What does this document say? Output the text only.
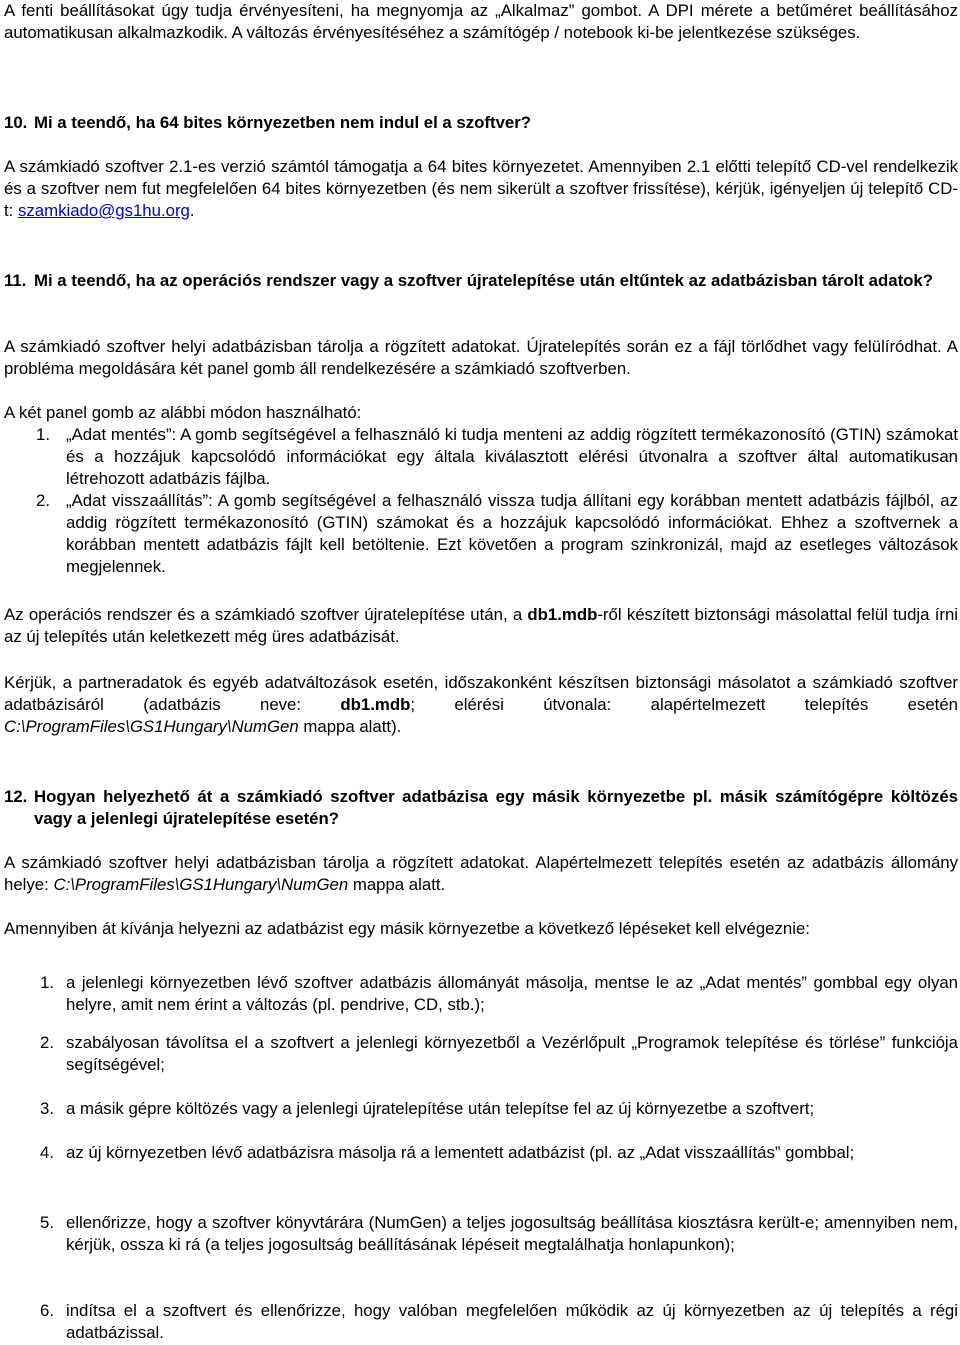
A fenti beállításokat úgy tudja érvényesíteni, ha megnyomja az „Alkalmaz” gombot. A DPI mérete a betűméret beállításához automatikusan alkalmazkodik. A változás érvényesítéséhez a számítógép / notebook ki-be jelentkezése szükséges.

10. Mi a teendő, ha 64 bites környezetben nem indul el a szoftver?

A számkiadó szoftver 2.1-es verzió számtól támogatja a 64 bites környezetet. Amennyiben 2.1 előtti telepítő CD-vel rendelkezik és a szoftver nem fut megfelelően 64 bites környezetben (és nem sikerült a szoftver frissítése), kérjük, igényeljen új telepítő CD-t: szamkiado@gs1hu.org.

11. Mi a teendő, ha az operációs rendszer vagy a szoftver újratelepítése után eltűntek az adatbázisban tárolt adatok?

A számkiadó szoftver helyi adatbázisban tárolja a rögzített adatokat. Újratelepítés során ez a fájl törlődhet vagy felülíródhat. A probléma megoldására két panel gomb áll rendelkezésére a számkiadó szoftverben.

A két panel gomb az alábbi módon használható:

1. „Adat mentés”: A gomb segítségével a felhasználó ki tudja menteni az addig rögzített termékazonosító (GTIN) számokat és a hozzájuk kapcsolódó információkat egy általa kiválasztott elérési útvonalra a szoftver által automatikusan létrehozott adatbázis fájlba.

2. „Adat visszaállítás”: A gomb segítségével a felhasználó vissza tudja állítani egy korábban mentett adatbázis fájlból, az addig rögzített termékazonosító (GTIN) számokat és a hozzájuk kapcsolódó információkat. Ehhez a szoftvernek a korábban mentett adatbázis fájlt kell betöltenie. Ezt követően a program szinkronizál, majd az esetleges változások megjelennek.

Az operációs rendszer és a számkiadó szoftver újratelepítése után, a db1.mdb-ről készített biztonsági másolattal felül tudja írni az új telepítés után keletkezett még üres adatbázisát.

Kérjük, a partneradatok és egyéb adatváltozások esetén, időszakonként készítsen biztonsági másolatot a számkiadó szoftver adatbázisáról (adatbázis neve: db1.mdb; elérési útvonala: alapértelmezett telepítés esetén C:\ProgramFiles\GS1Hungary\NumGen mappa alatt).

12. Hogyan helyezhető át a számkiadó szoftver adatbázisa egy másik környezetbe pl. másik számítógépre költözés vagy a jelenlegi újratelepítése esetén?

A számkiadó szoftver helyi adatbázisban tárolja a rögzített adatokat. Alapértelmezett telepítés esetén az adatbázis állomány helye: C:\ProgramFiles\GS1Hungary\NumGen mappa alatt.

Amennyiben át kívánja helyezni az adatbázist egy másik környezetbe a következő lépéseket kell elvégeznie:

1. a jelenlegi környezetben lévő szoftver adatbázis állományát másolja, mentse le az „Adat mentés” gombbal egy olyan helyre, amit nem érint a változás (pl. pendrive, CD, stb.);

2. szabályosan távolítsa el a szoftvert a jelenlegi környezetből a Vezérlőpult „Programok telepítése és törlése” funkciója segítségével;

3. a másik gépre költözés vagy a jelenlegi újratelepítése után telepítse fel az új környezetbe a szoftvert;

4. az új környezetben lévő adatbázisra másolja rá a lementett adatbázist (pl. az „Adat visszaállítás” gombbal;

5. ellenőrizze, hogy a szoftver könyvtárára (NumGen) a teljes jogosultság beállítása kiosztásra került-e; amennyiben nem, kérjük, ossza ki rá (a teljes jogosultság beállításának lépéseit megtalálhatja honlapunkon);

6. indítsa el a szoftvert és ellenőrizze, hogy valóban megfelelően működik az új környezetben az új telepítés a régi adatbázissal.
